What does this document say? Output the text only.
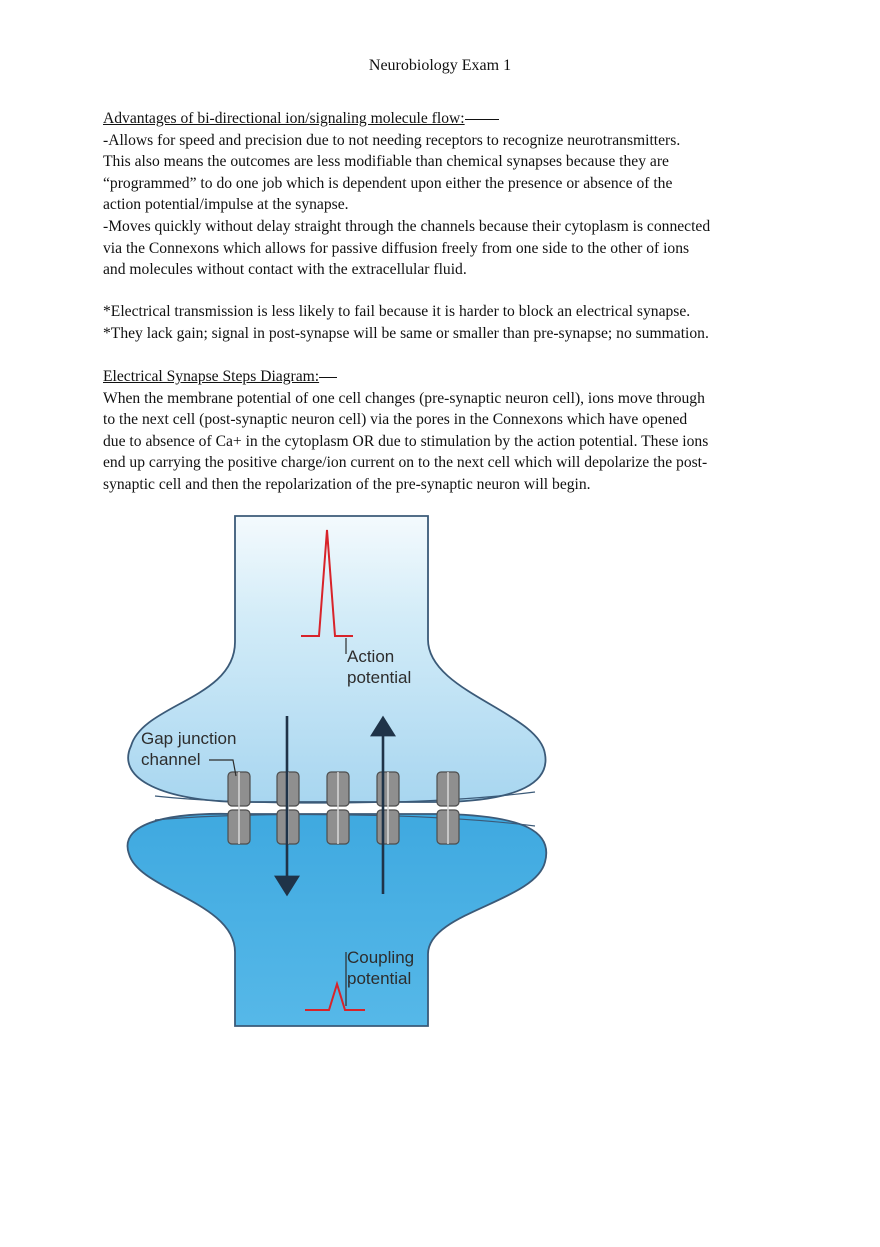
Neurobiology Exam 1

Advantages of bi-directional ion/signaling molecule flow:

-Allows for speed and precision due to not needing receptors to recognize neurotransmitters.

This also means the outcomes are less modifiable than chemical synapses because they are

“programmed” to do one job which is dependent upon either the presence or absence of the

action potential/impulse at the synapse.

-Moves quickly without delay straight through the channels because their cytoplasm is connected

via the Connexons which allows for passive diffusion freely from one side to the other of ions

and molecules without contact with the extracellular fluid.

*Electrical transmission is less likely to fail because it is harder to block an electrical synapse.

*They lack gain; signal in post-synapse will be same or smaller than pre-synapse; no summation.

Electrical Synapse Steps Diagram:

When the membrane potential of one cell changes (pre-synaptic neuron cell), ions move through

to the next cell (post-synaptic neuron cell) via the pores in the Connexons which have opened

due to absence of Ca+ in the cytoplasm OR due to stimulation by the action potential. These ions

end up carrying the positive charge/ion current on to the next cell which will depolarize the post-

synaptic cell and then the repolarization of the pre-synaptic neuron will begin.

Action
potential
Gap junction
channel
Coupling
potential
